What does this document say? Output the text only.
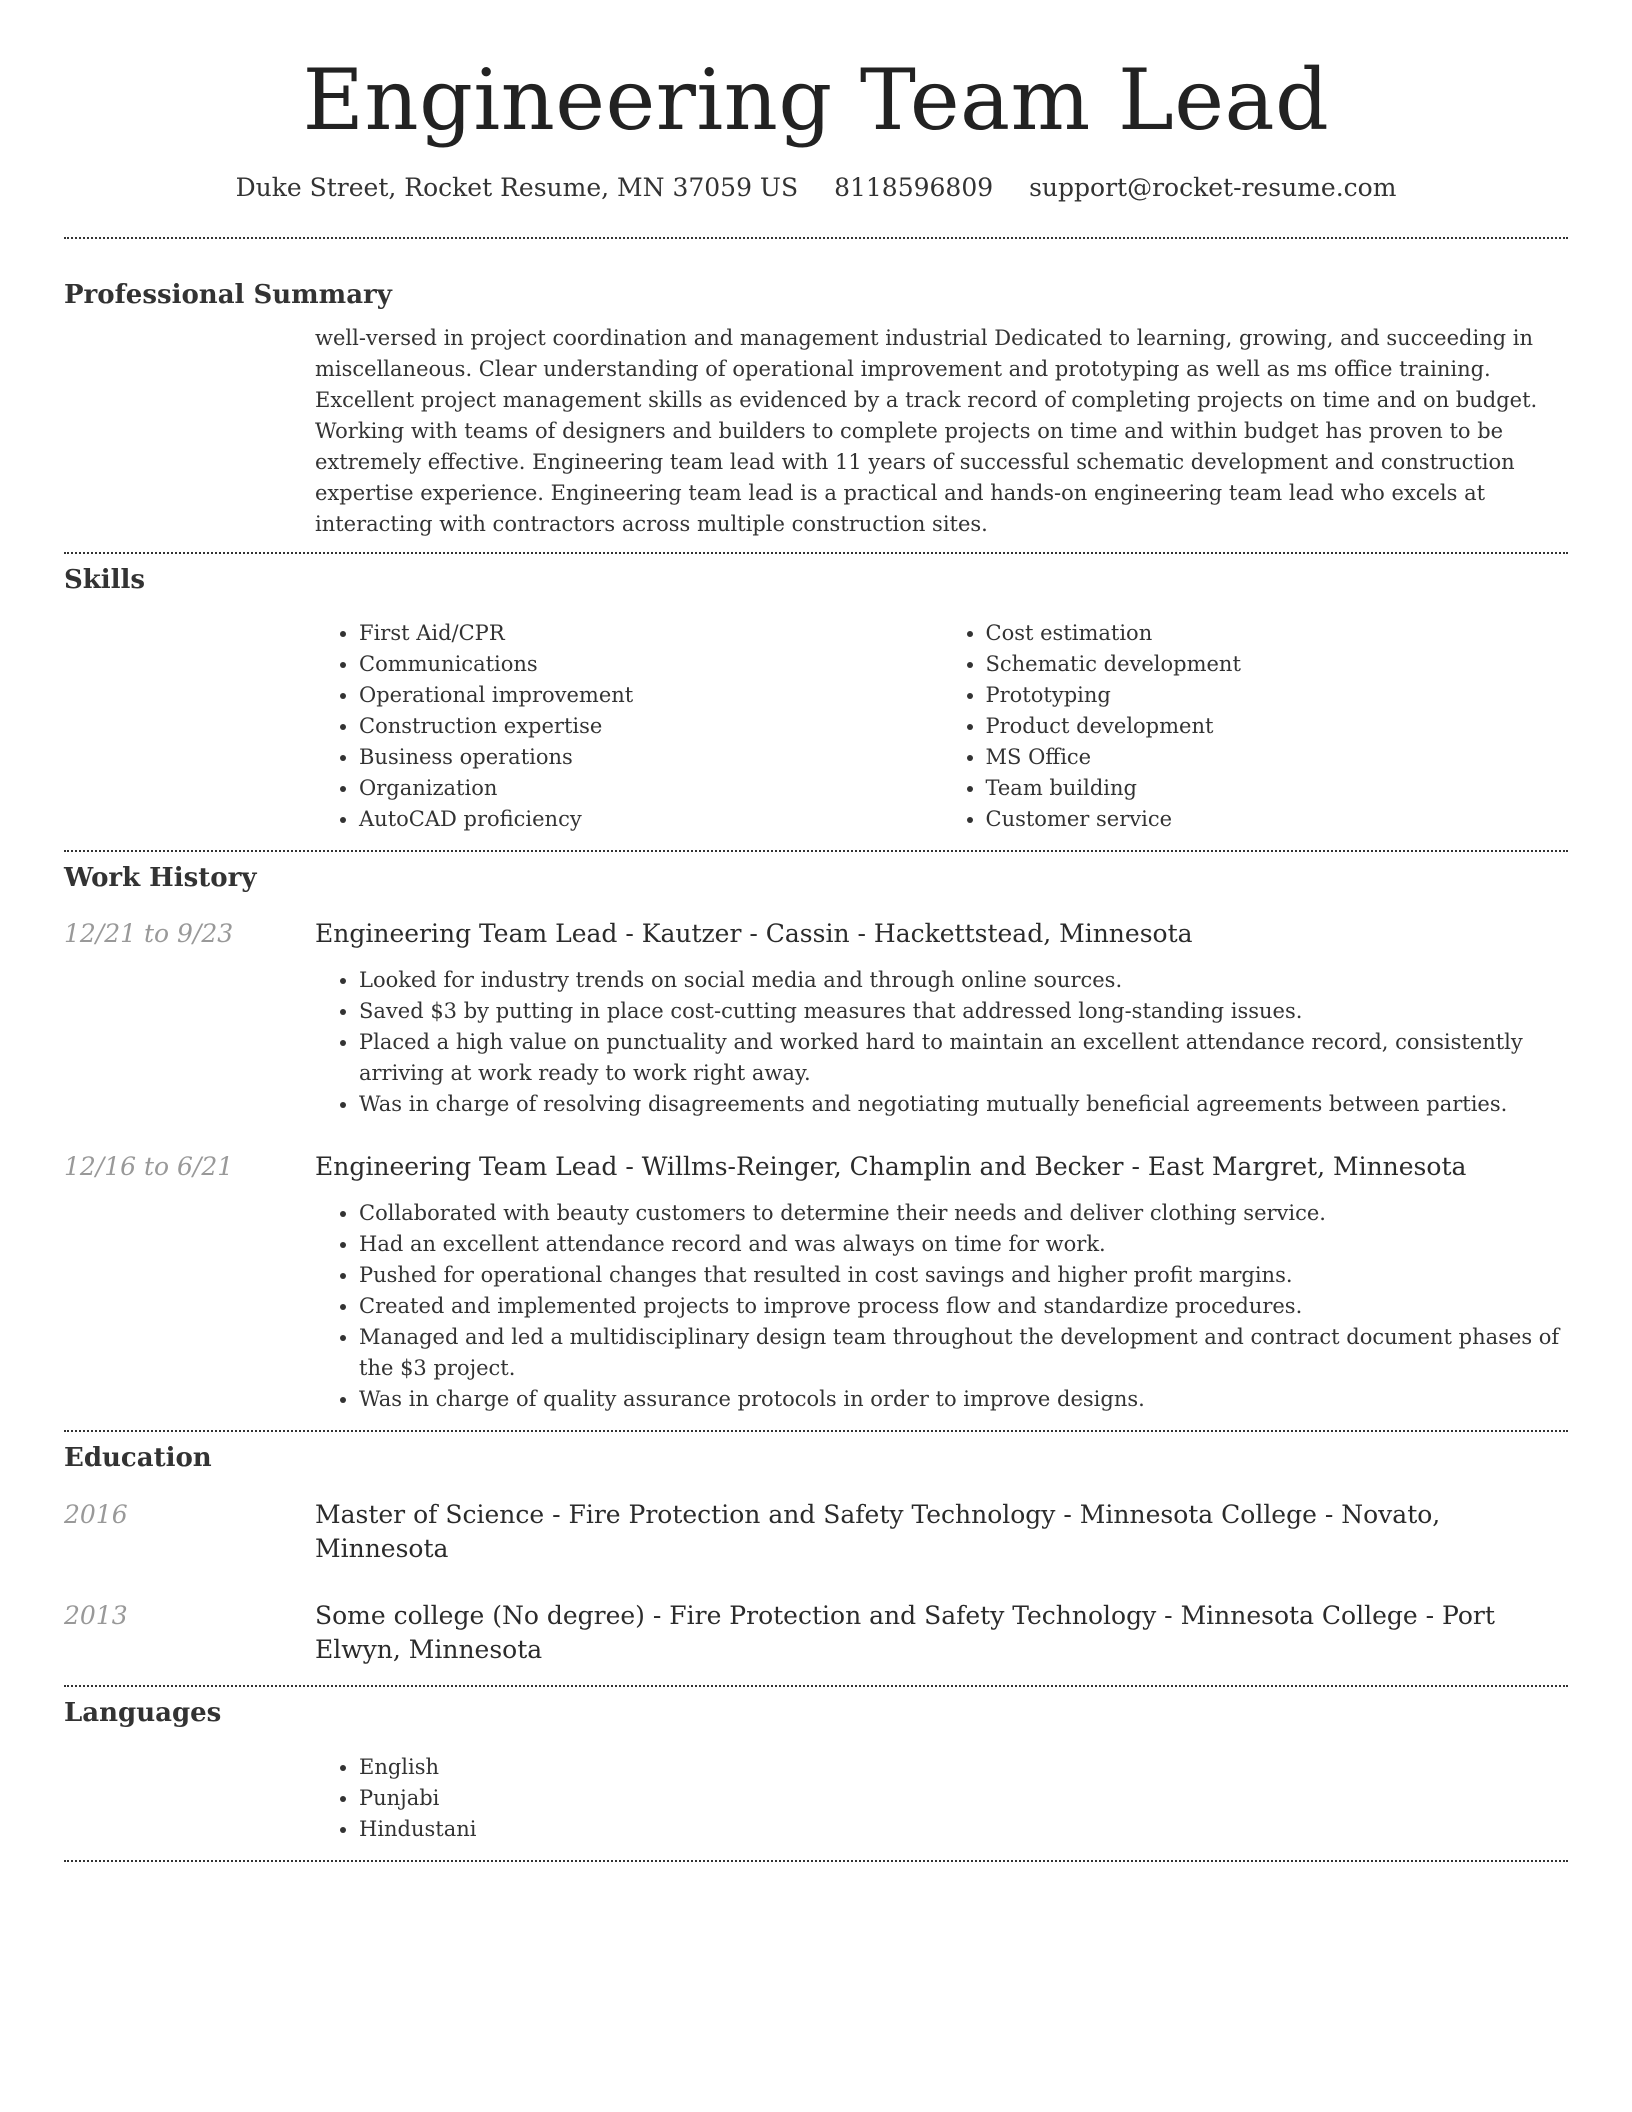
Engineering Team Lead
Duke Street, Rocket Resume, MN 37059 US 8118596809 support@rocket-resume.com
Professional Summary
well-versed in project coordination and management industrial Dedicated to learning, growing, and succeeding in miscellaneous. Clear understanding of operational improvement and prototyping as well as ms office training. Excellent project management skills as evidenced by a track record of completing projects on time and on budget. Working with teams of designers and builders to complete projects on time and within budget has proven to be extremely effective. Engineering team lead with 11 years of successful schematic development and construction expertise experience. Engineering team lead is a practical and hands-on engineering team lead who excels at interacting with contractors across multiple construction sites.
Skills
• First Aid/CPR
• Communications
• Operational improvement
• Construction expertise
• Business operations
• Organization
• AutoCAD proficiency
• Cost estimation
• Schematic development
• Prototyping
• Product development
• MS Office
• Team building
• Customer service
Work History
12/21 to 9/23	Engineering Team Lead - Kautzer - Cassin - Hackettstead, Minnesota
• Looked for industry trends on social media and through online sources.
• Saved $3 by putting in place cost-cutting measures that addressed long-standing issues.
• Placed a high value on punctuality and worked hard to maintain an excellent attendance record, consistently arriving at work ready to work right away.
• Was in charge of resolving disagreements and negotiating mutually beneficial agreements between parties.
12/16 to 6/21	Engineering Team Lead - Willms-Reinger, Champlin and Becker - East Margret, Minnesota
• Collaborated with beauty customers to determine their needs and deliver clothing service.
• Had an excellent attendance record and was always on time for work.
• Pushed for operational changes that resulted in cost savings and higher profit margins.
• Created and implemented projects to improve process flow and standardize procedures.
• Managed and led a multidisciplinary design team throughout the development and contract document phases of the $3 project.
• Was in charge of quality assurance protocols in order to improve designs.
Education
2016	Master of Science - Fire Protection and Safety Technology - Minnesota College - Novato, Minnesota
2013	Some college (No degree) - Fire Protection and Safety Technology - Minnesota College - Port Elwyn, Minnesota
Languages
• English
• Punjabi
• Hindustani
